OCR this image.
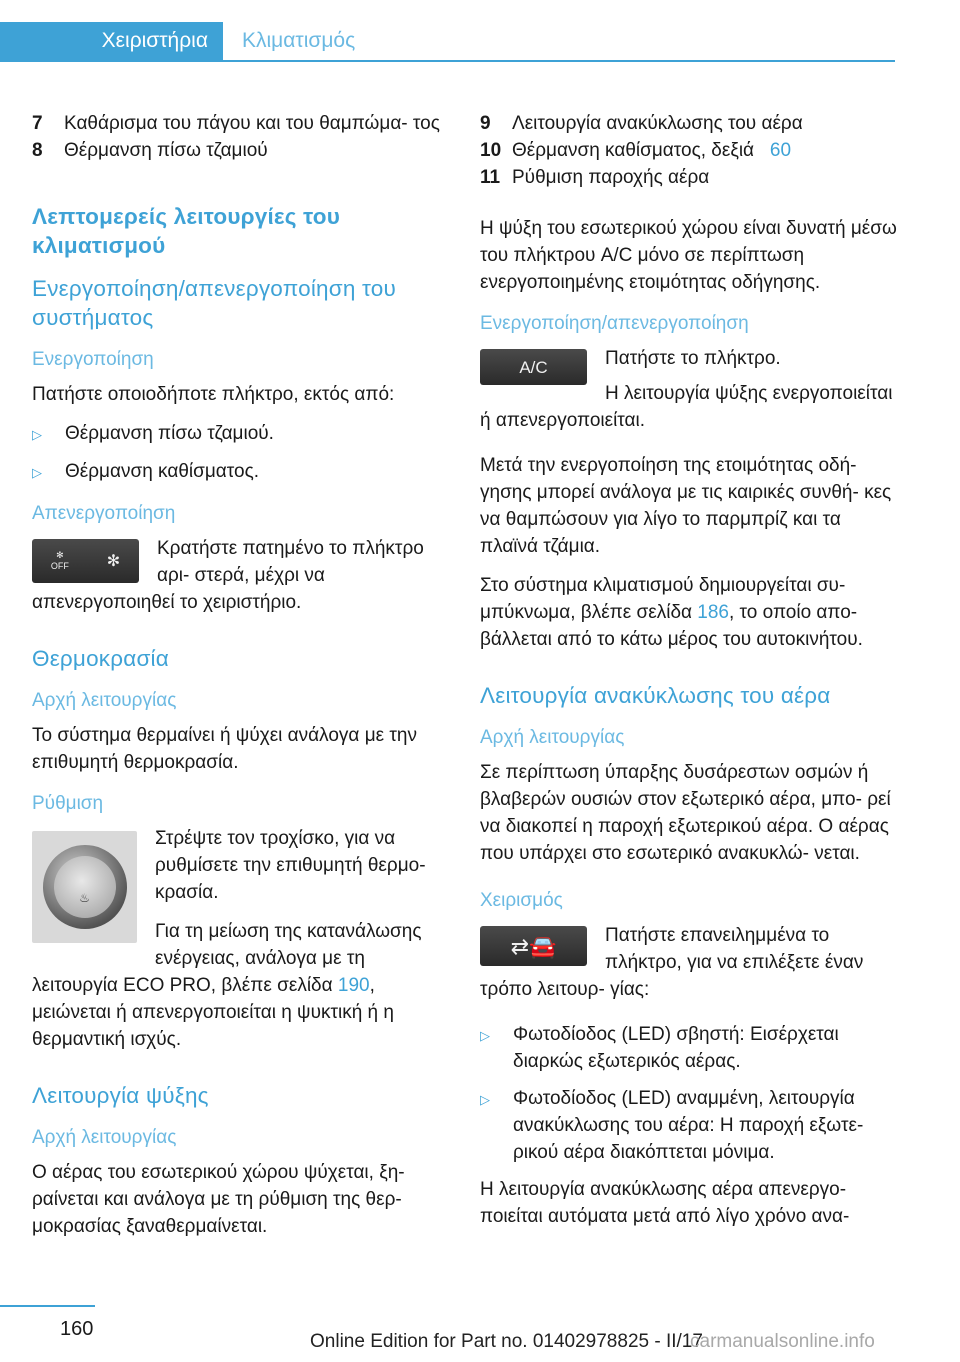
Χειριστήρια Κλιματισμός
7	Καθάρισμα του πάγου και του θαμπώμα‐ τος
8	Θέρμανση πίσω τζαμιού
Λεπτομερείς λειτουργίες του κλιματισμού
Ενεργοποίηση/απενεργοποίηση του συστήματος
Ενεργοποίηση

Πατήστε οποιοδήποτε πλήκτρο, εκτός από:

▷	Θέρμανση πίσω τζαμιού.
▷	Θέρμανση καθίσματος.
Απενεργοποίηση
✻
OFF ✻

Κρατήστε πατημένο το πλήκτρο αρι‐ στερά, μέχρι να απενεργοποιηθεί το χειριστήριο.

Θερμοκρασία
Αρχή λειτουργίας

Το σύστημα θερμαίνει ή ψύχει ανάλογα με την επιθυμητή θερμοκρασία.

Ρύθμιση
♨

Στρέψτε τον τροχίσκο, για να ρυθμίσετε την επιθυμητή θερμο‐ κρασία.

Για τη μείωση της κατανάλωσης ενέργειας, ανάλογα με τη λειτουργία ECO PRO, βλέπε σελίδα 190, μειώνεται ή απενεργοποιείται η ψυκτική ή η θερμαντική ισχύς.

Λειτουργία ψύξης
Αρχή λειτουργίας

Ο αέρας του εσωτερικού χώρου ψύχεται, ξη‐ ραίνεται και ανάλογα με τη ρύθμιση της θερ‐ μοκρασίας ξαναθερμαίνεται.

9	Λειτουργία ανακύκλωσης του αέρα
10 Θέρμανση καθίσματος, δεξιά 60
11 Ρύθμιση παροχής αέρα

Η ψύξη του εσωτερικού χώρου είναι δυνατή μέσω του πλήκτρου A/C μόνο σε περίπτωση ενεργοποιημένης ετοιμότητας οδήγησης.

Ενεργοποίηση/απενεργοποίηση
A/C	Πατήστε το πλήκτρο.

Η λειτουργία ψύξης ενεργοποιείται ή απενεργοποιείται.

Μετά την ενεργοποίηση της ετοιμότητας οδή‐ γησης μπορεί ανάλογα με τις καιρικές συνθή‐ κες να θαμπώσουν για λίγο το παρμπρίζ και τα πλαϊνά τζάμια.

Στο σύστημα κλιματισμού δημιουργείται συ‐ μπύκνωμα, βλέπε σελίδα 186, το οποίο απο‐ βάλλεται από το κάτω μέρος του αυτοκινήτου.

Λειτουργία ανακύκλωσης του αέρα
Αρχή λειτουργίας

Σε περίπτωση ύπαρξης δυσάρεστων οσμών ή βλαβερών ουσιών στον εξωτερικό αέρα, μπο‐ ρεί να διακοπεί η παροχή εξωτερικού αέρα. Ο αέρας που υπάρχει στο εσωτερικό ανακυκλώ‐ νεται.

Χειρισμός
⇄🚘	Πατήστε επανειλημμένα το πλήκτρο, για να επιλέξετε έναν τρόπο λειτουρ‐ γίας:

▷	Φωτοδίοδος (LED) σβηστή: Εισέρχεται διαρκώς εξωτερικός αέρας.
▷	Φωτοδίοδος (LED) αναμμένη, λειτουργία ανακύκλωσης του αέρα: Η παροχή εξωτε‐ ρικού αέρα διακόπτεται μόνιμα.

Η λειτουργία ανακύκλωσης αέρα απενεργο‐ ποιείται αυτόματα μετά από λίγο χρόνο ανα‐

160
Online Edition for Part no. 01402978825 - II/17
carmanualsonline.info
